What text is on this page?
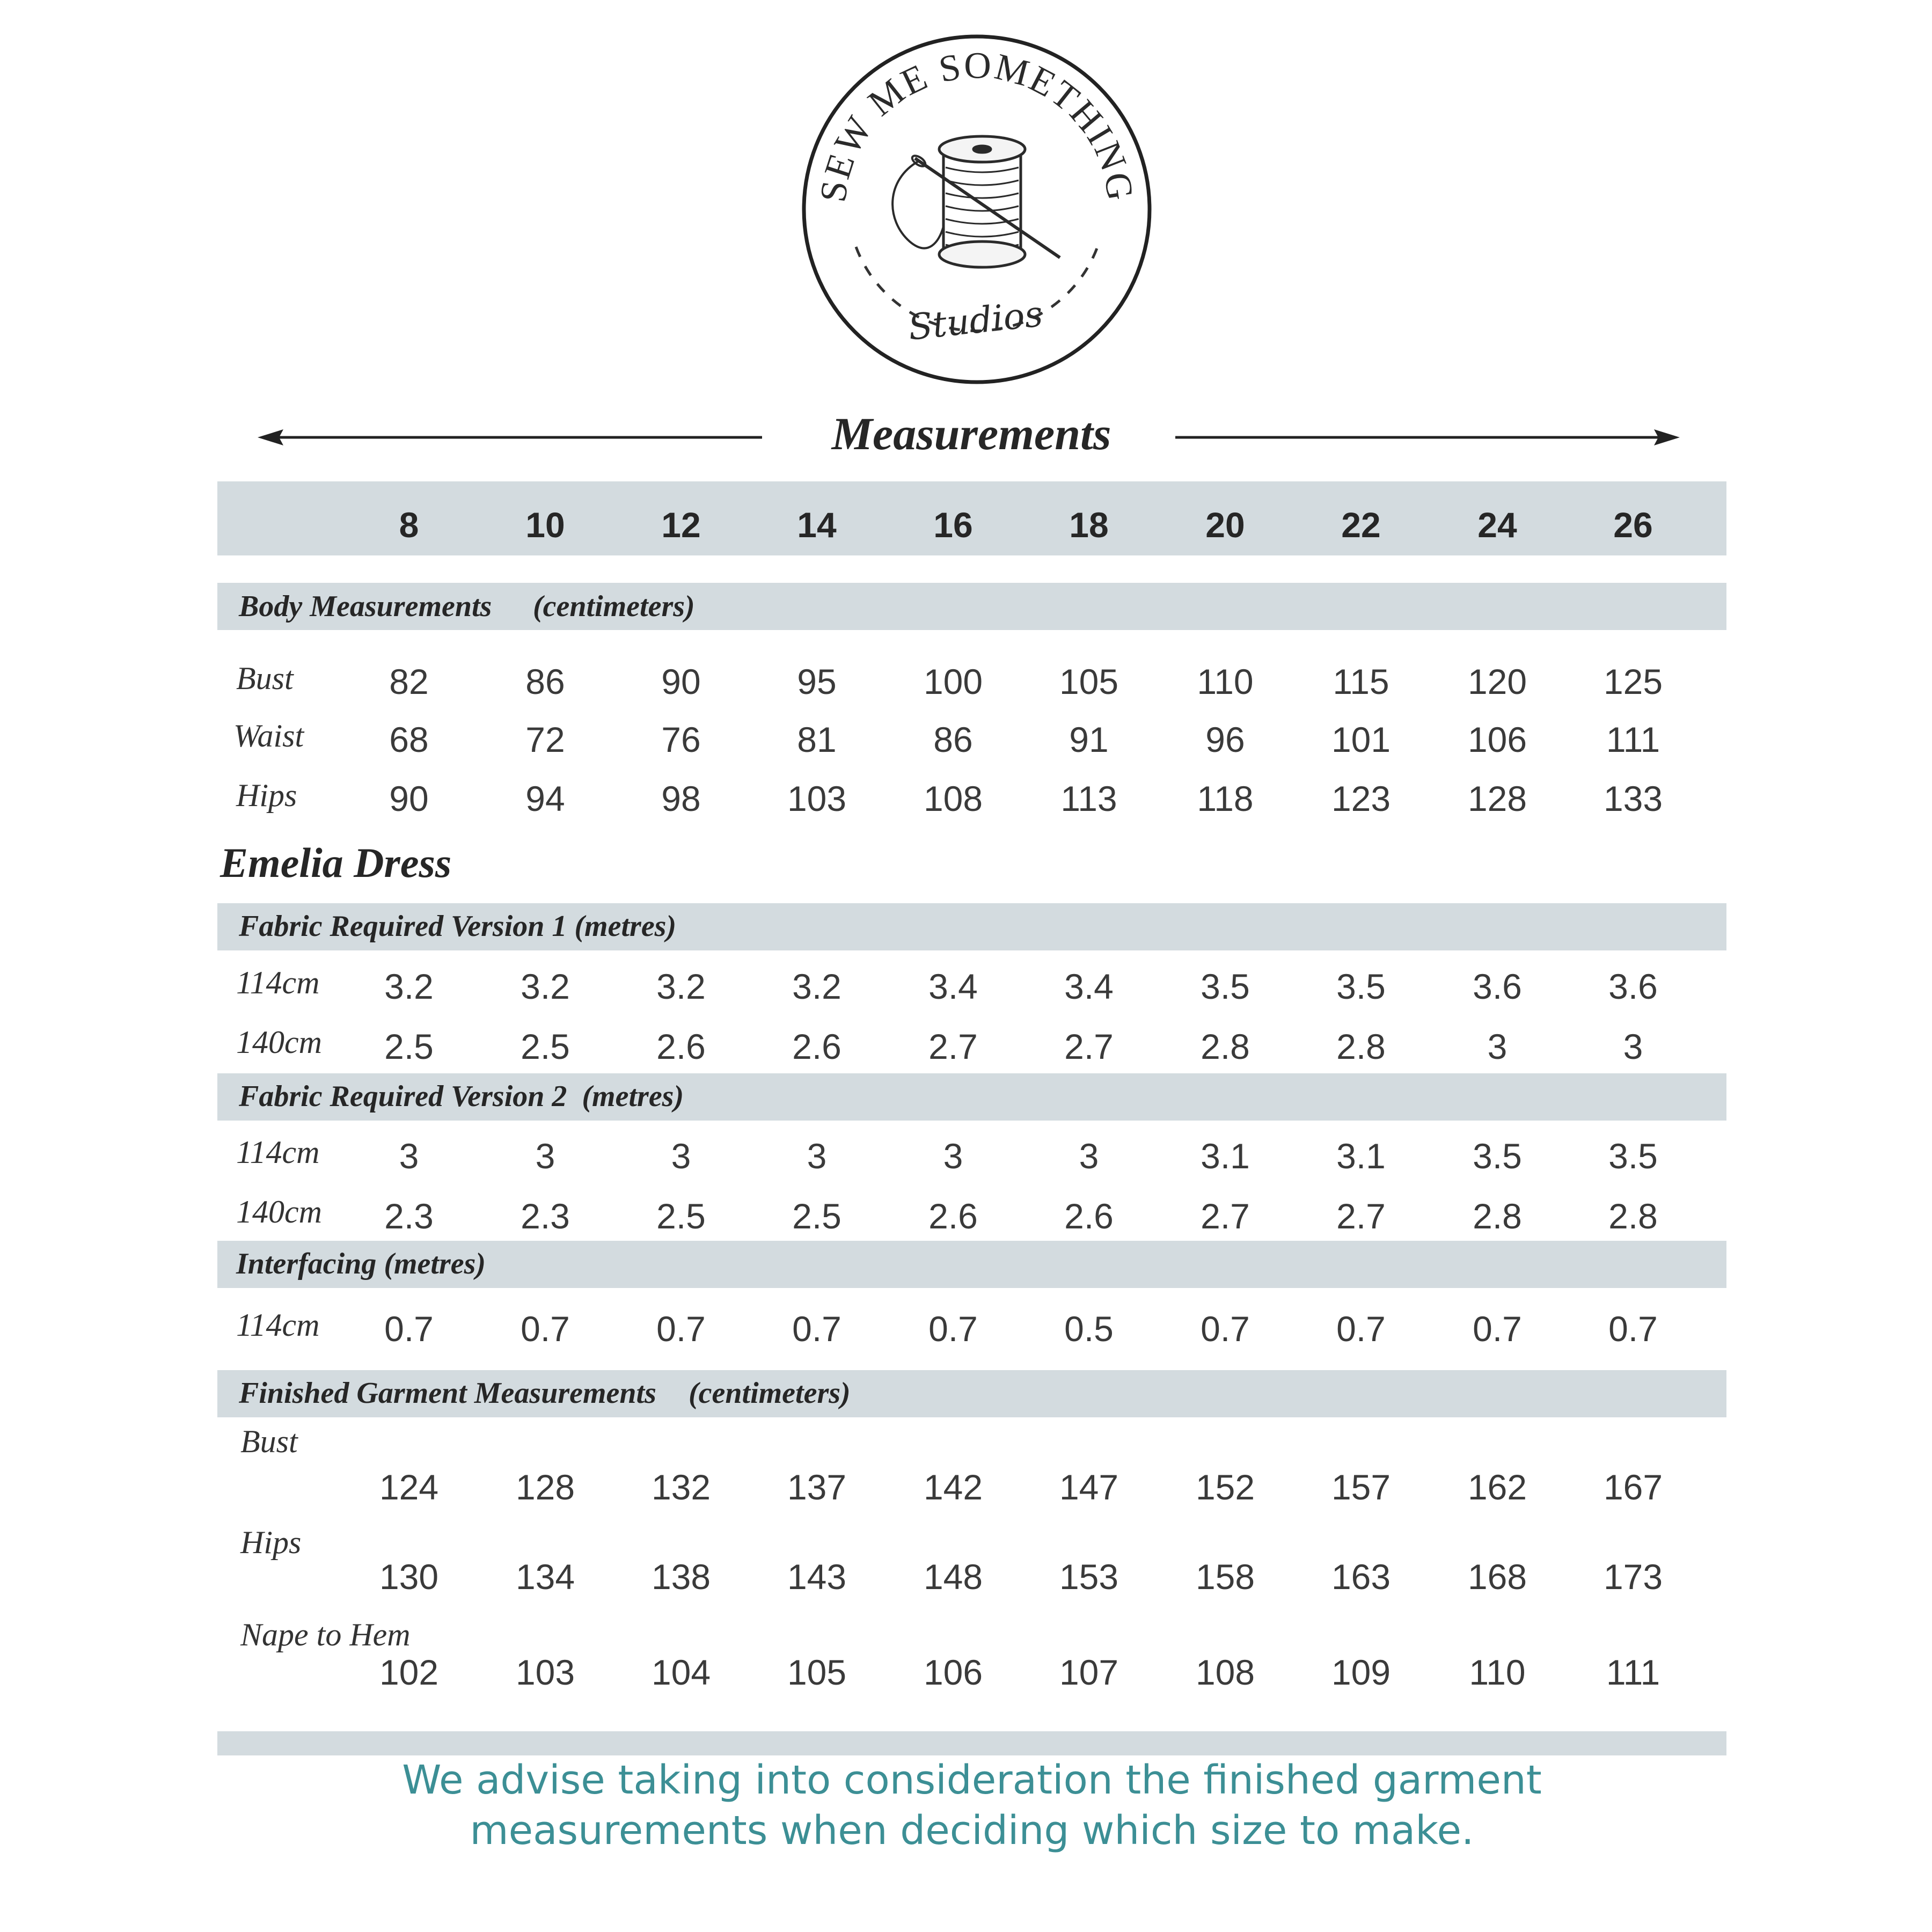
SEW ME SOMETHING
Studios
Measurements
8	10	12	14	16	18	20	22	24	26
Body Measurements (centimeters)
Bust	82	86	90	95 100 105 110 115 120 125
Waist 68	72	76	81	86	91	96 101 106 111
Hips	90	94	98 103 108 113 118 123 128 133
Emelia Dress
Fabric Required Version 1 (metres)
114cm 3.2 3.2 3.2 3.2 3.4 3.4 3.5 3.5 3.6 3.6
140cm 2.5 2.5 2.6 2.6 2.7 2.7 2.8 2.8	3	3
Fabric Required Version 2  (metres)
114cm 3	3	3	3	3	3	3.1 3.1 3.5 3.5
140cm 2.3 2.3 2.5 2.5 2.6 2.6 2.7 2.7 2.8 2.8
Interfacing (metres)
114cm 0.7 0.7 0.7 0.7 0.7 0.5 0.7 0.7 0.7 0.7
Finished Garment Measurements (centimeters)
Bust
124 128 132 137 142 147 152 157 162 167
Hips
130 134 138 143 148 153 158 163 168 173
Nape to Hem
102 103 104 105 106 107 108 109 110 111
We advise taking into consideration the finished garment
measurements when deciding which size to make.
